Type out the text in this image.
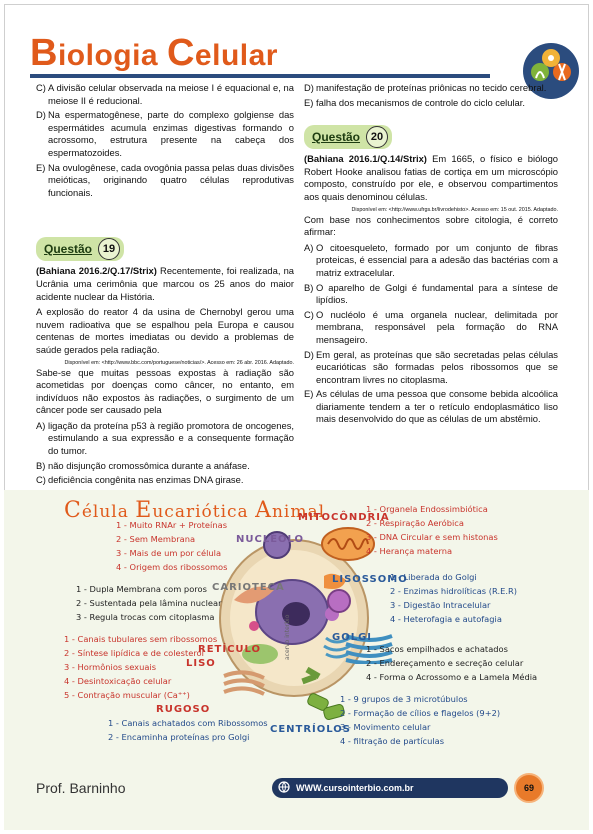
Biologia Celular
C) A divisão celular observada na meiose I é equacional e, na meiose II é reducional.
D) Na espermatogênese, parte do complexo golgiense das espermátides acumula enzimas digestivas formando o acrossomo, estrutura presente na cabeça dos espermatozoides.
E) Na ovulogênese, cada ovogônia passa pelas duas divisões meióticas, originando quatro células reprodutivas funcionais.
Questão 19

(Bahiana 2016.2/Q.17/Strix) Recentemente, foi realizada, na Ucrânia uma cerimônia que marcou os 25 anos do maior acidente nuclear da História.

A explosão do reator 4 da usina de Chernobyl gerou uma nuvem radioativa que se espalhou pela Europa e causou centenas de mortes imediatas ou devido a problemas de saúde gerados pela radiação.

Disponível em: <http://www.bbc.com/portuguese/noticias/>. Acesso em: 26 abr. 2016. Adaptado.

Sabe-se que muitas pessoas expostas à radiação são acometidas por doenças como câncer, no entanto, em indivíduos não expostos às radiações, o surgimento de um câncer pode ser causado pela

A) ligação da proteína p53 à região promotora de oncogenes, estimulando a sua expressão e a consequente formação do tumor.
B) não disjunção cromossômica durante a anáfase.
C) deficiência congênita nas enzimas DNA girase.
D) manifestação de proteínas priônicas no tecido cerebral.
E) falha dos mecanismos de controle do ciclo celular.
Questão 20

(Bahiana 2016.1/Q.14/Strix) Em 1665, o físico e biólogo Robert Hooke analisou fatias de cortiça em um microscópio composto, construído por ele, e observou compartimentos aos quais denominou células.

Disponível em: <http://www.ufrgs.br/livrodehisto>. Acesso em: 15 out. 2015. Adaptado.

Com base nos conhecimentos sobre citologia, é correto afirmar:

A) O citoesqueleto, formado por um conjunto de fibras proteicas, é essencial para a adesão das bactérias com a matriz extracelular.
B) O aparelho de Golgi é fundamental para a síntese de lipídios.
C) O nucléolo é uma organela nuclear, delimitada por membrana, responsável pela formação do RNA mensageiro.
D) Em geral, as proteínas que são secretadas pelas células eucarióticas são formadas pelos ribossomos que se encontram livres no citoplasma.
E) As células de uma pessoa que consome bebida alcoólica diariamente tendem a ter o retículo endoplasmático liso mais desenvolvido do que as células de um abstêmio.
Célula Eucariótica Animal
acervo interbio
NUCLÉOLO
1 - Muito RNAr + Proteínas
2 - Sem Membrana
3 - Mais de um por célula
4 - Origem dos ribossomos
CARIOTECA
1 - Dupla Membrana com poros
2 - Sustentada pela lâmina nuclear
3 - Regula trocas com citoplasma
RETÍCULO
LISO
1 - Canais tubulares sem ribossomos
2 - Síntese lipídica e de colesterol
3 - Hormônios sexuais
4 - Desintoxicação celular
5 - Contração muscular (Ca⁺⁺)
RUGOSO
1 - Canais achatados com Ribossomos
2 - Encaminha proteínas pro Golgi
MITOCÔNDRIA
1 - Organela Endossimbiótica
2 - Respiração Aeróbica
3 - DNA Circular e sem histonas
4 - Herança materna
LISOSSOMO
1 - Liberada do Golgi
2 - Enzimas hidrolíticas (R.E.R)
3 - Digestão Intracelular
4 - Heterofagia e autofagia
GOLGI
1 - Sacos empilhados e achatados
2 - Endereçamento e secreção celular
4 - Forma o Acrossomo e a Lamela Média
CENTRÍOLOS
1 - 9 grupos de 3 microtúbulos
2 - Formação de cílios e flagelos (9+2)
3 - Movimento celular
4 - filtração de partículas
Prof. Barninho	WWW.cursointerbio.com.br	69
